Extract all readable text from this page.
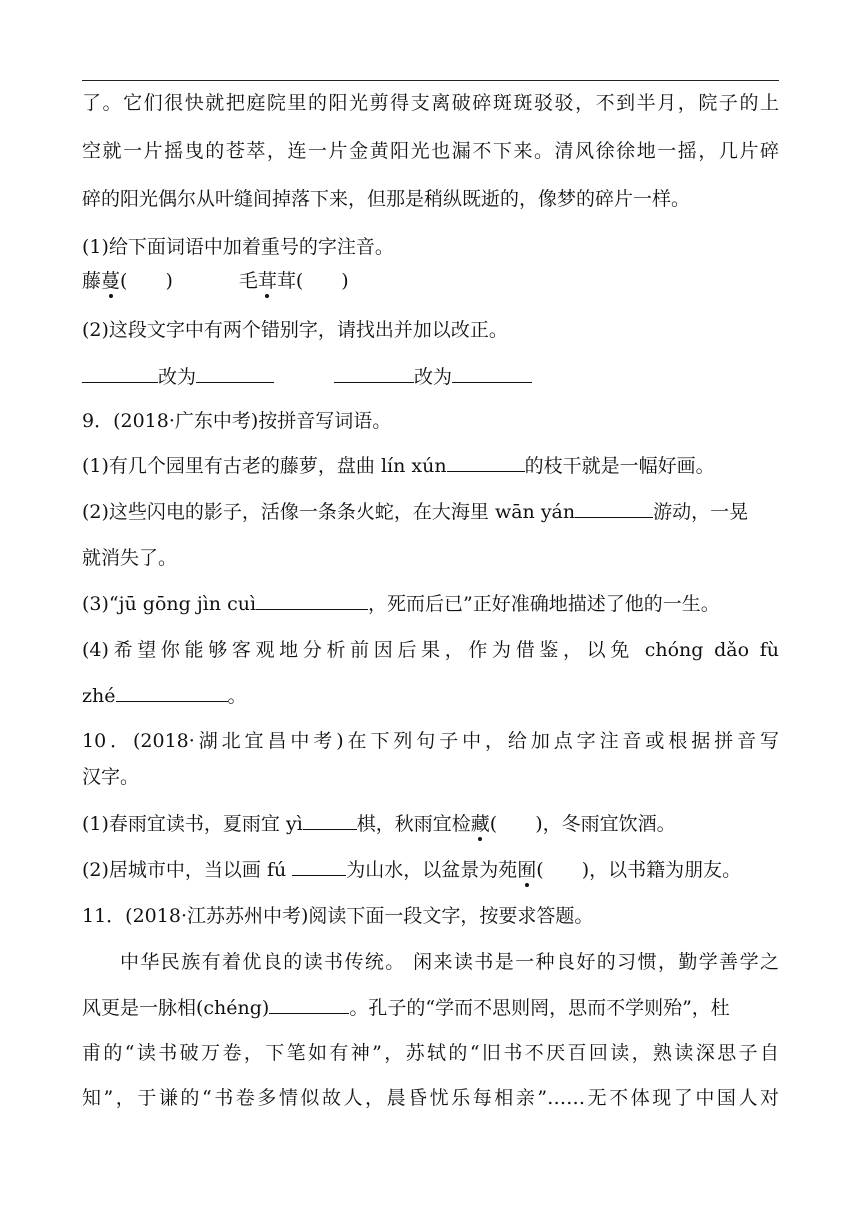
了。它们很快就把庭院里的阳光剪得支离破碎斑斑驳驳，不到半月，院子的上
空就一片摇曳的苍萃，连一片金黄阳光也漏不下来。清风徐徐地一摇，几片碎
碎的阳光偶尔从叶缝间掉落下来，但那是稍纵既逝的，像梦的碎片一样。
(1)给下面词语中加着重号的字注音。
藤蔓(　　)	毛茸茸(　　)
(2)这段文字中有两个错别字，请找出并加以改正。
改为	改为
9．(2018·广东中考)按拼音写词语。
(1)有几个园里有古老的藤萝，盘曲 lín xún	的枝干就是一幅好画。
(2)这些闪电的影子，活像一条条火蛇，在大海里 wān yán	游动，一晃
就消失了。
(3)“jū gōng jìn cuì	，死而后已”正好准确地描述了他的一生。
(4)希望你能够客观地分析前因后果，作为借鉴，以免 chóng dǎo fù
zhé	。
10．(2018·湖北宜昌中考)在下列句子中，给加点字注音或根据拼音写
汉字。
(1)春雨宜读书，夏雨宜 yì	棋，秋雨宜检藏(　　)，冬雨宜饮酒。
(2)居城市中，当以画 fú	为山水，以盆景为苑囿(　　)，以书籍为朋友。
11．(2018·江苏苏州中考)阅读下面一段文字，按要求答题。
中华民族有着优良的读书传统。 闲来读书是一种良好的习惯，勤学善学之
风更是一脉相(chéng)	。孔子的“学而不思则罔，思而不学则殆”，杜
甫的“读书破万卷，下笔如有神”，苏轼的“旧书不厌百回读，熟读深思子自
知”，于谦的“书卷多情似故人，晨昏忧乐每相亲”……无不体现了中国人对
